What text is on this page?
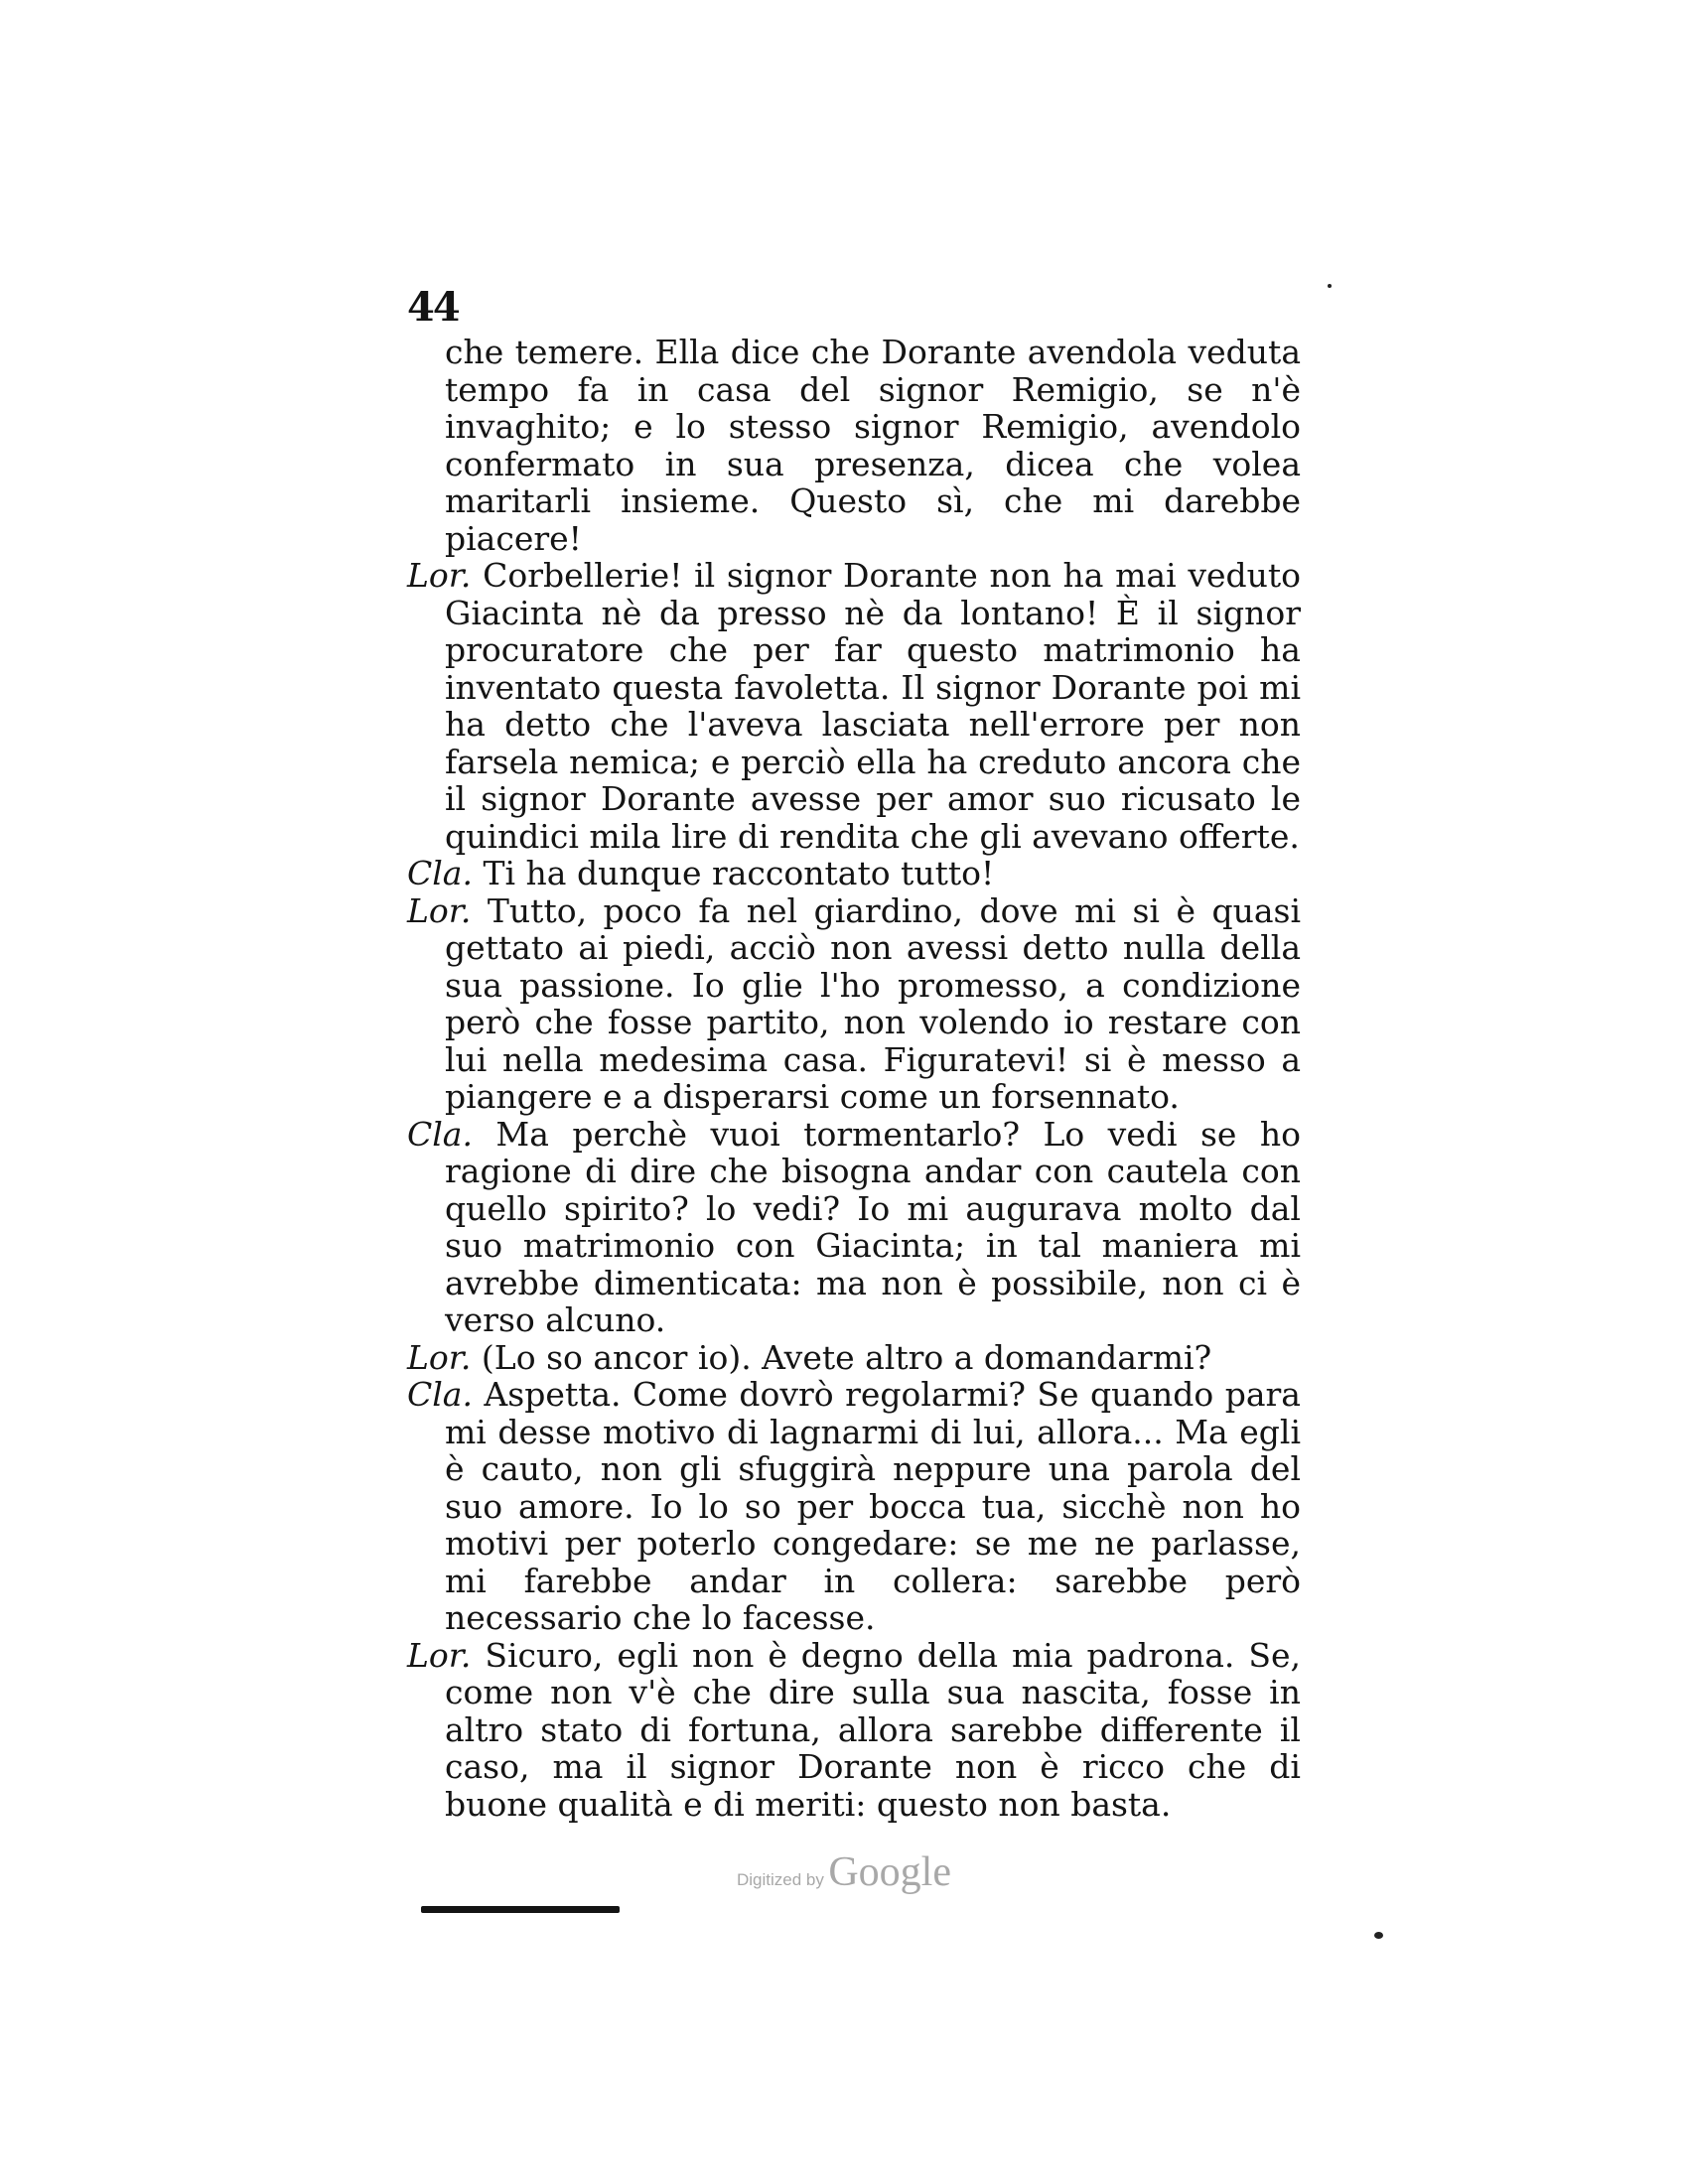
44

che temere. Ella dice che Dorante avendola veduta tempo fa in casa del signor Remigio, se n'è invaghito; e lo stesso signor Remigio, avendolo confermato in sua presenza, dicea che volea maritarli insieme. Questo sì, che mi darebbe piacere!

Lor. Corbellerie! il signor Dorante non ha mai veduto Giacinta nè da presso nè da lontano! È il signor procuratore che per far questo matrimonio ha inventato questa favoletta. Il signor Dorante poi mi ha detto che l'aveva lasciata nell'errore per non farsela nemica; e perciò ella ha creduto ancora che il signor Dorante avesse per amor suo ricusato le quindici mila lire di rendita che gli avevano offerte.

Cla. Ti ha dunque raccontato tutto!

Lor. Tutto, poco fa nel giardino, dove mi si è quasi gettato ai piedi, acciò non avessi detto nulla della sua passione. Io glie l'ho promesso, a condizione però che fosse partito, non volendo io restare con lui nella medesima casa. Figuratevi! si è messo a piangere e a disperarsi come un forsennato.

Cla. Ma perchè vuoi tormentarlo? Lo vedi se ho ragione di dire che bisogna andar con cautela con quello spirito? lo vedi? Io mi augurava molto dal suo matrimonio con Giacinta; in tal maniera mi avrebbe dimenticata: ma non è possibile, non ci è verso alcuno.

Lor. (Lo so ancor io). Avete altro a domandarmi?

Cla. Aspetta. Come dovrò regolarmi? Se quando para mi desse motivo di lagnarmi di lui, allora... Ma egli è cauto, non gli sfuggirà neppure una parola del suo amore. Io lo so per bocca tua, sicchè non ho motivi per poterlo congedare: se me ne parlasse, mi farebbe andar in collera: sarebbe però necessario che lo facesse.

Lor. Sicuro, egli non è degno della mia padrona. Se, come non v'è che dire sulla sua nascita, fosse in altro stato di fortuna, allora sarebbe differente il caso, ma il signor Dorante non è ricco che di buone qualità e di meriti: questo non basta.

Digitized by Google
